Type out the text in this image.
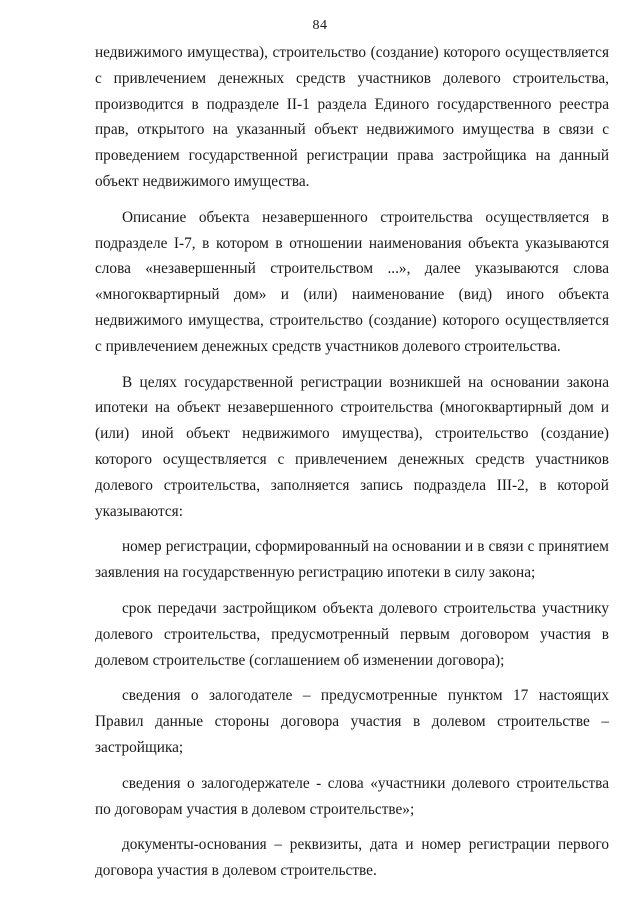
84

недвижимого имущества), строительство (создание) которого осуществляется с привлечением денежных средств участников долевого строительства, производится в подразделе II-1 раздела Единого государственного реестра прав, открытого на указанный объект недвижимого имущества в связи с проведением государственной регистрации права застройщика на данный объект недвижимого имущества.

Описание объекта незавершенного строительства осуществляется в подразделе I-7, в котором в отношении наименования объекта указываются слова «незавершенный строительством ...», далее указываются слова «многоквартирный дом» и (или) наименование (вид) иного объекта недвижимого имущества, строительство (создание) которого осуществляется с привлечением денежных средств участников долевого строительства.

В целях государственной регистрации возникшей на основании закона ипотеки на объект незавершенного строительства (многоквартирный дом и (или) иной объект недвижимого имущества), строительство (создание) которого осуществляется с привлечением денежных средств участников долевого строительства, заполняется запись подраздела III-2, в которой указываются:

номер регистрации, сформированный на основании и в связи с принятием заявления на государственную регистрацию ипотеки в силу закона;

срок передачи застройщиком объекта долевого строительства участнику долевого строительства, предусмотренный первым договором участия в долевом строительстве (соглашением об изменении договора);

сведения о залогодателе – предусмотренные пунктом 17 настоящих Правил данные стороны договора участия в долевом строительстве – застройщика;

сведения о залогодержателе - слова «участники долевого строительства по договорам участия в долевом строительстве»;

документы-основания – реквизиты, дата и номер регистрации первого договора участия в долевом строительстве.
